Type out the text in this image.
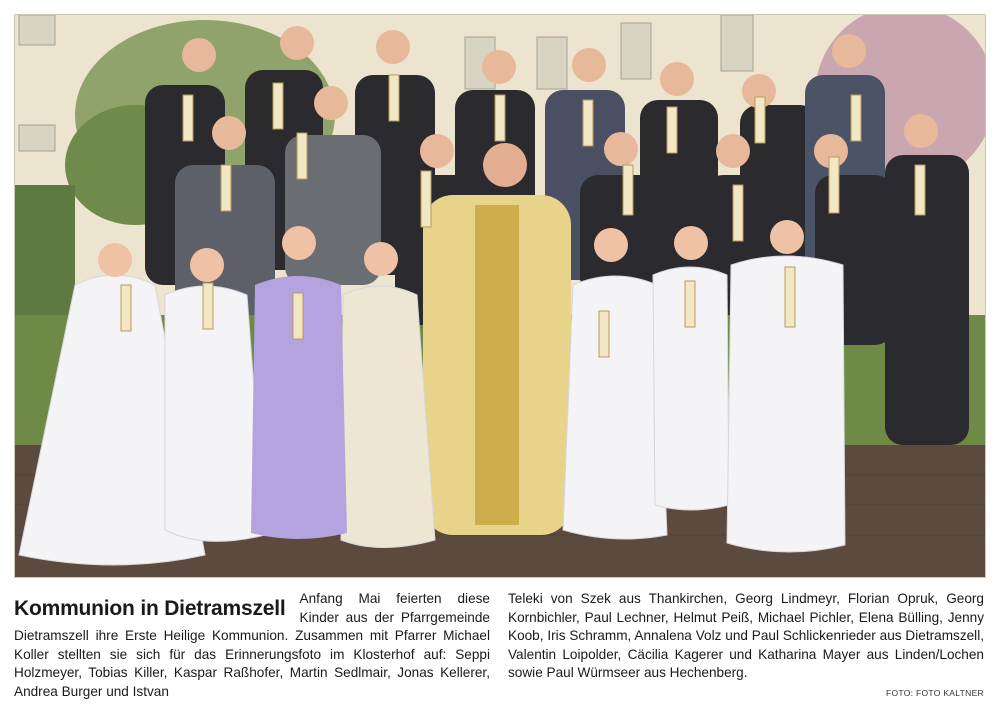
Kommunion in Dietramszell Anfang Mai feierten diese Kinder aus der Pfarrgemeinde Dietramszell ihre Erste Heilige Kommunion. Zusammen mit Pfarrer Michael Koller stellten sie sich für das Erinnerungsfoto im Klosterhof auf: Seppi Holzmeyer, Tobias Killer, Kaspar Raßhofer, Martin Sedlmair, Jonas Kellerer, Andrea Burger und Istvan
Teleki von Szek aus Thankirchen, Georg Lindmeyr, Florian Opruk, Georg Kornbichler, Paul Lechner, Helmut Peiß, Michael Pichler, Elena Bülling, Jenny Koob, Iris Schramm, Annalena Volz und Paul Schlickenrieder aus Dietramszell, Valentin Loipolder, Cäcilia Kagerer und Katharina Mayer aus Linden/Lochen sowie Paul Würmseer aus Hechenberg.
FOTO: FOTO KALTNER
